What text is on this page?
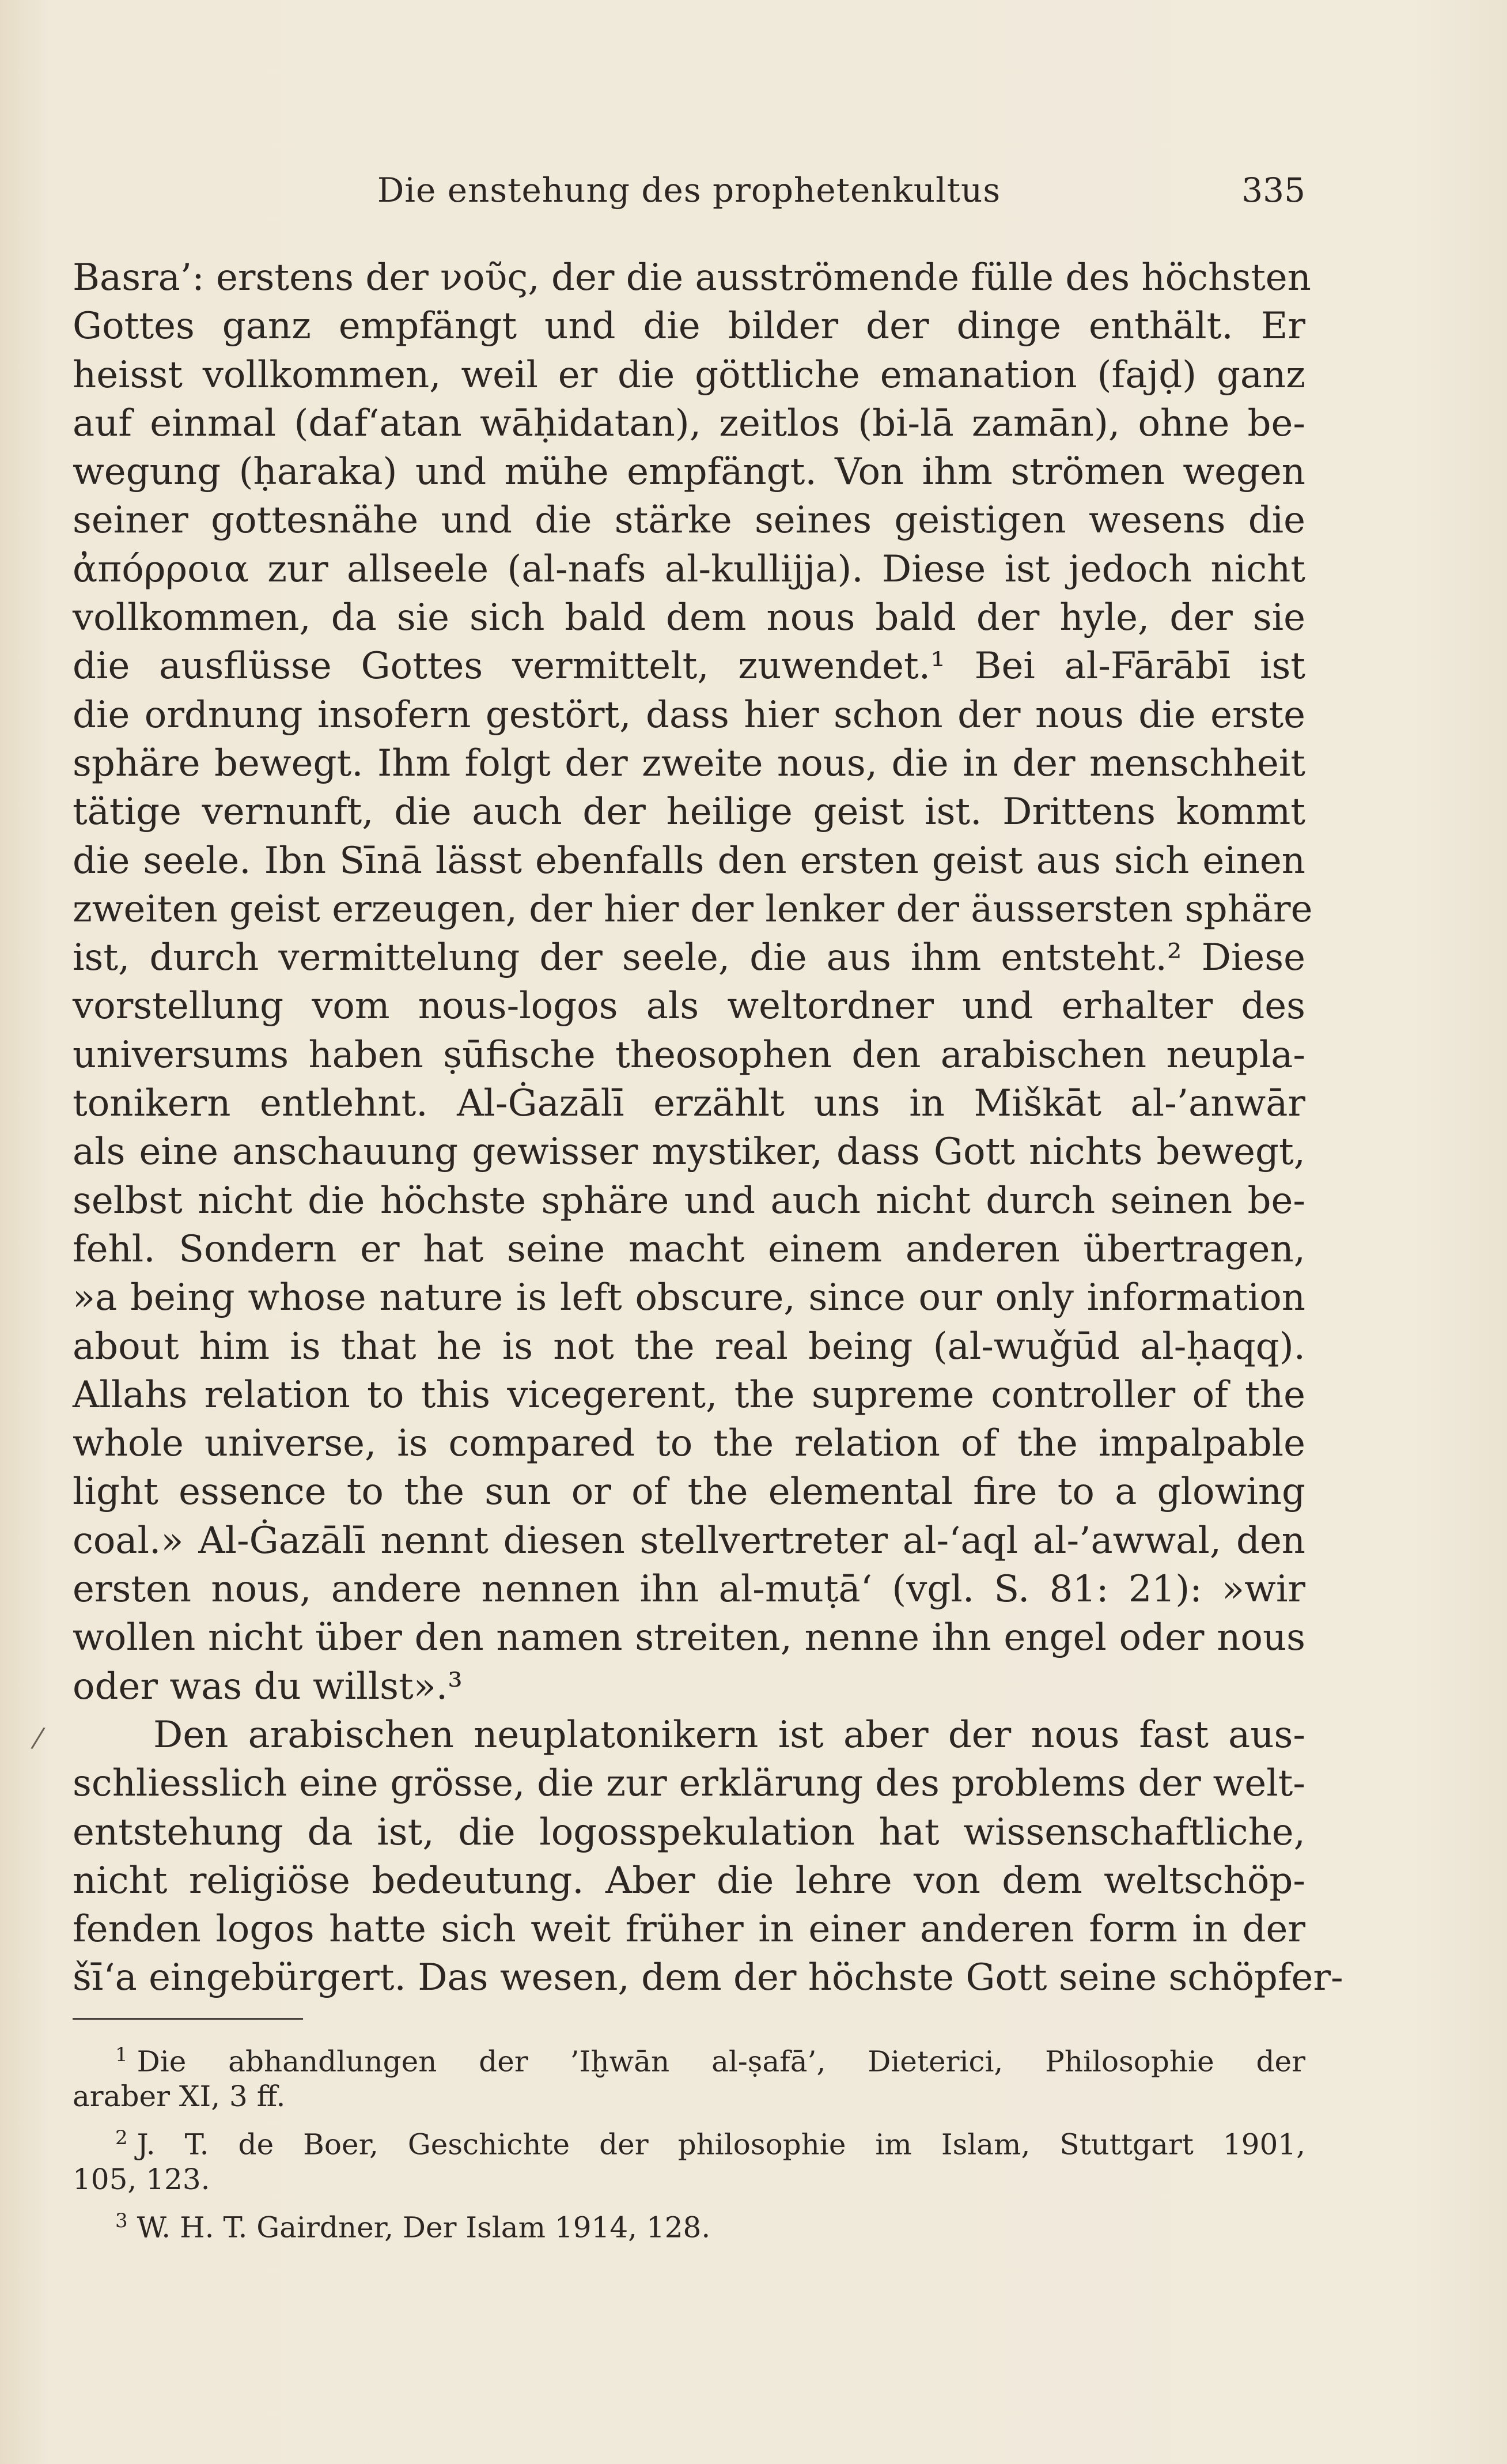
Die enstehung des prophetenkultus	335
Basra’: erstens der νοῦς, der die ausströmende fülle des höchsten
Gottes ganz empfängt und die bilder der dinge enthält. Er
heisst vollkommen, weil er die göttliche emanation (fajḍ) ganz
auf einmal (daf‘atan wāḥidatan), zeitlos (bi-lā zamān), ohne be-
wegung (ḥaraka) und mühe empfängt. Von ihm strömen wegen
seiner gottesnähe und die stärke seines geistigen wesens die
ἀπόρροια zur allseele (al-nafs al-kullijja). Diese ist jedoch nicht
vollkommen, da sie sich bald dem nous bald der hyle, der sie
die ausflüsse Gottes vermittelt, zuwendet.¹ Bei al-Fārābī ist
die ordnung insofern gestört, dass hier schon der nous die erste
sphäre bewegt. Ihm folgt der zweite nous, die in der menschheit
tätige vernunft, die auch der heilige geist ist. Drittens kommt
die seele. Ibn Sīnā lässt ebenfalls den ersten geist aus sich einen
zweiten geist erzeugen, der hier der lenker der äussersten sphäre
ist, durch vermittelung der seele, die aus ihm entsteht.² Diese
vorstellung vom nous-logos als weltordner und erhalter des
universums haben ṣūfische theosophen den arabischen neupla-
tonikern entlehnt. Al-Ġazālī erzählt uns in Miškāt al-’anwār
als eine anschauung gewisser mystiker, dass Gott nichts bewegt,
selbst nicht die höchste sphäre und auch nicht durch seinen be-
fehl. Sondern er hat seine macht einem anderen übertragen,
»a being whose nature is left obscure, since our only information
about him is that he is not the real being (al-wuǧūd al-ḥaqq).
Allahs relation to this vicegerent, the supreme controller of the
whole universe, is compared to the relation of the impalpable
light essence to the sun or of the elemental fire to a glowing
coal.» Al-Ġazālī nennt diesen stellvertreter al-‘aql al-’awwal, den
ersten nous, andere nennen ihn al-muṭā‘ (vgl. S. 81: 21): »wir
wollen nicht über den namen streiten, nenne ihn engel oder nous
oder was du willst».³
Den arabischen neuplatonikern ist aber der nous fast aus-
schliesslich eine grösse, die zur erklärung des problems der welt-
entstehung da ist, die logosspekulation hat wissenschaftliche,
nicht religiöse bedeutung. Aber die lehre von dem weltschöp-
fenden logos hatte sich weit früher in einer anderen form in der
šī‘a eingebürgert. Das wesen, dem der höchste Gott seine schöpfer-
$^1$ Die abhandlungen der ’Iḫwān al-ṣafā’, Dieterici, Philosophie der
araber XI, 3 ff.
$^2$ J. T. de Boer, Geschichte der philosophie im Islam, Stuttgart 1901,
105, 123.
$^3$ W. H. T. Gairdner, Der Islam 1914, 128.
⁄
